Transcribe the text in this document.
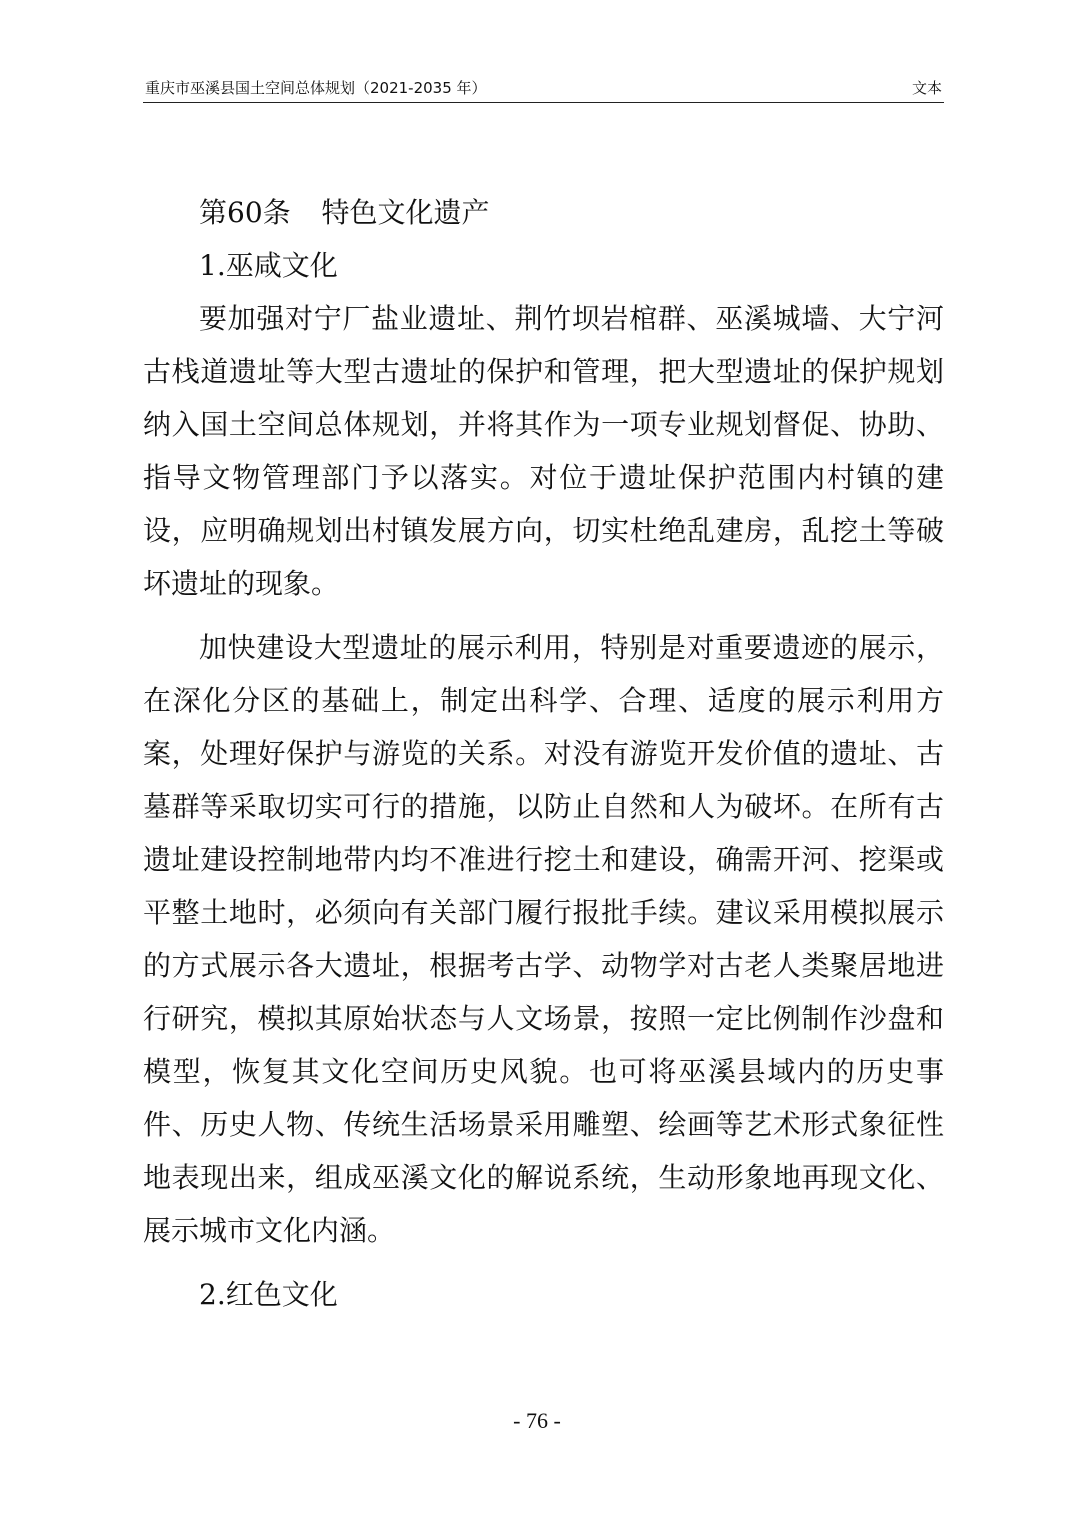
重庆市巫溪县国土空间总体规划（2021-2035 年）	文本

第60条 特色文化遗产

1.巫咸文化

要加强对宁厂盐业遗址、荆竹坝岩棺群、巫溪城墙、大宁河古栈道遗址等大型古遗址的保护和管理，把大型遗址的保护规划纳入国土空间总体规划，并将其作为一项专业规划督促、协助、指导文物管理部门予以落实。对位于遗址保护范围内村镇的建设，应明确规划出村镇发展方向，切实杜绝乱建房，乱挖土等破坏遗址的现象。

加快建设大型遗址的展示利用，特别是对重要遗迹的展示，在深化分区的基础上，制定出科学、合理、适度的展示利用方案，处理好保护与游览的关系。对没有游览开发价值的遗址、古墓群等采取切实可行的措施，以防止自然和人为破坏。在所有古遗址建设控制地带内均不准进行挖土和建设，确需开河、挖渠或平整土地时，必须向有关部门履行报批手续。建议采用模拟展示的方式展示各大遗址，根据考古学、动物学对古老人类聚居地进行研究，模拟其原始状态与人文场景，按照一定比例制作沙盘和模型，恢复其文化空间历史风貌。也可将巫溪县域内的历史事件、历史人物、传统生活场景采用雕塑、绘画等艺术形式象征性地表现出来，组成巫溪文化的解说系统，生动形象地再现文化、展示城市文化内涵。

2.红色文化

- 76 -
